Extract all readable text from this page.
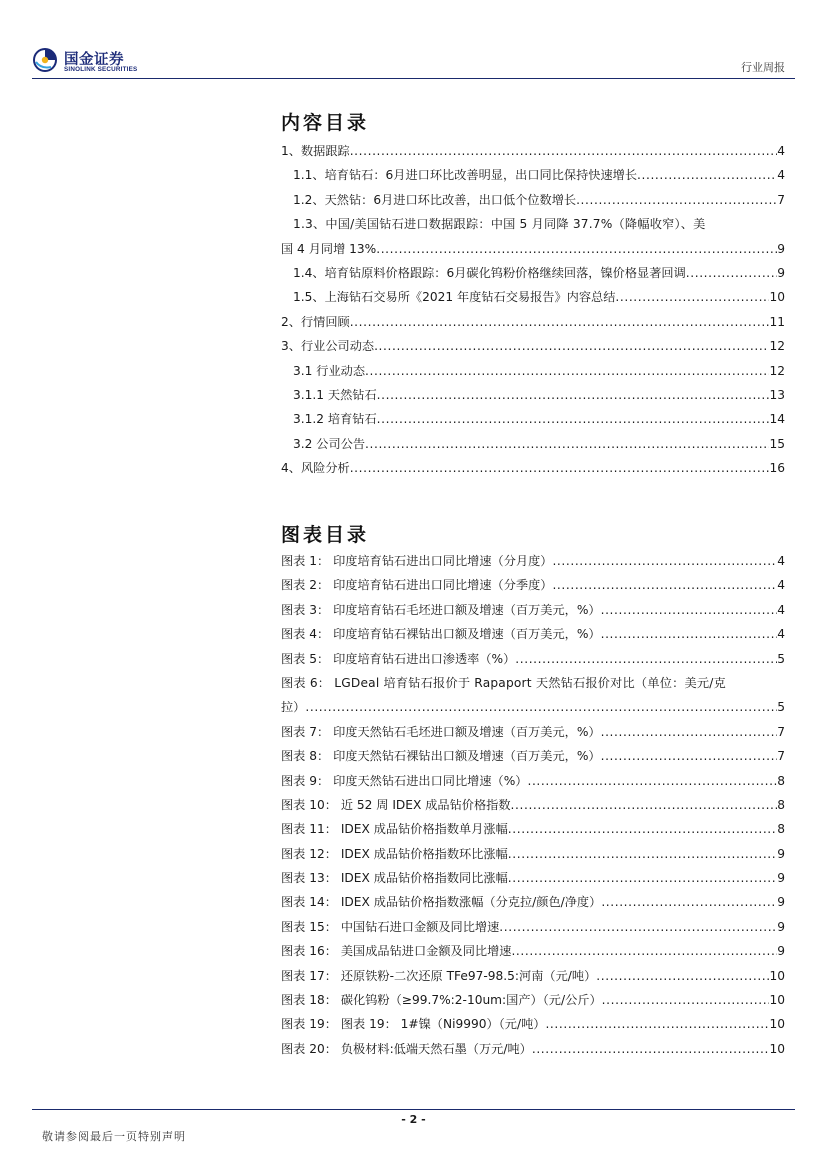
国金证券
SINOLINK SECURITIES	行业周报
内容目录
1、数据跟踪 .....	4
1.1、培育钻石：6月进口环比改善明显，出口同比保持快速增长 .....	4
1.2、天然钻：6月进口环比改善，出口低个位数增长 .....	7
1.3、中国/美国钻石进口数据跟踪：中国 5 月同降 37.7%（降幅收窄）、美
国 4 月同增 13% .....	9
1.4、培育钻原料价格跟踪：6月碳化钨粉价格继续回落，镍价格显著回调 .....	9
1.5、上海钻石交易所《2021 年度钻石交易报告》内容总结 .....	10
2、行情回顾 .....	11
3、行业公司动态 .....	12
3.1 行业动态 .....	12
3.1.1 天然钻石 .....	13
3.1.2 培育钻石 .....	14
3.2 公司公告 .....	15
4、风险分析 .....	16
图表目录
图表 1： 印度培育钻石进出口同比增速（分月度） .....	4
图表 2： 印度培育钻石进出口同比增速（分季度） .....	4
图表 3： 印度培育钻石毛坯进口额及增速（百万美元，%） .....	4
图表 4： 印度培育钻石裸钻出口额及增速（百万美元，%） .....	4
图表 5： 印度培育钻石进出口渗透率（%） .....	5
图表 6： LGDeal 培育钻石报价于 Rapaport 天然钻石报价对比（单位：美元/克
拉） .....	5
图表 7： 印度天然钻石毛坯进口额及增速（百万美元，%） .....	7
图表 8： 印度天然钻石裸钻出口额及增速（百万美元，%） .....	7
图表 9： 印度天然钻石进出口同比增速（%） .....	8
图表 10： 近 52 周 IDEX 成品钻价格指数 .....	8
图表 11： IDEX 成品钻价格指数单月涨幅 .....	8
图表 12： IDEX 成品钻价格指数环比涨幅 .....	9
图表 13： IDEX 成品钻价格指数同比涨幅 .....	9
图表 14： IDEX 成品钻价格指数涨幅（分克拉/颜色/净度） .....	9
图表 15： 中国钻石进口金额及同比增速 .....	9
图表 16： 美国成品钻进口金额及同比增速 .....	9
图表 17： 还原铁粉-二次还原 TFe97-98.5:河南（元/吨） .....	10
图表 18： 碳化钨粉（≥99.7%:2-10um:国产）（元/公斤） .....	10
图表 19： 图表 19： 1#镍（Ni9990）（元/吨） .....	10
图表 20： 负极材料:低端天然石墨（万元/吨） .....	10
- 2 -
敬请参阅最后一页特别声明
